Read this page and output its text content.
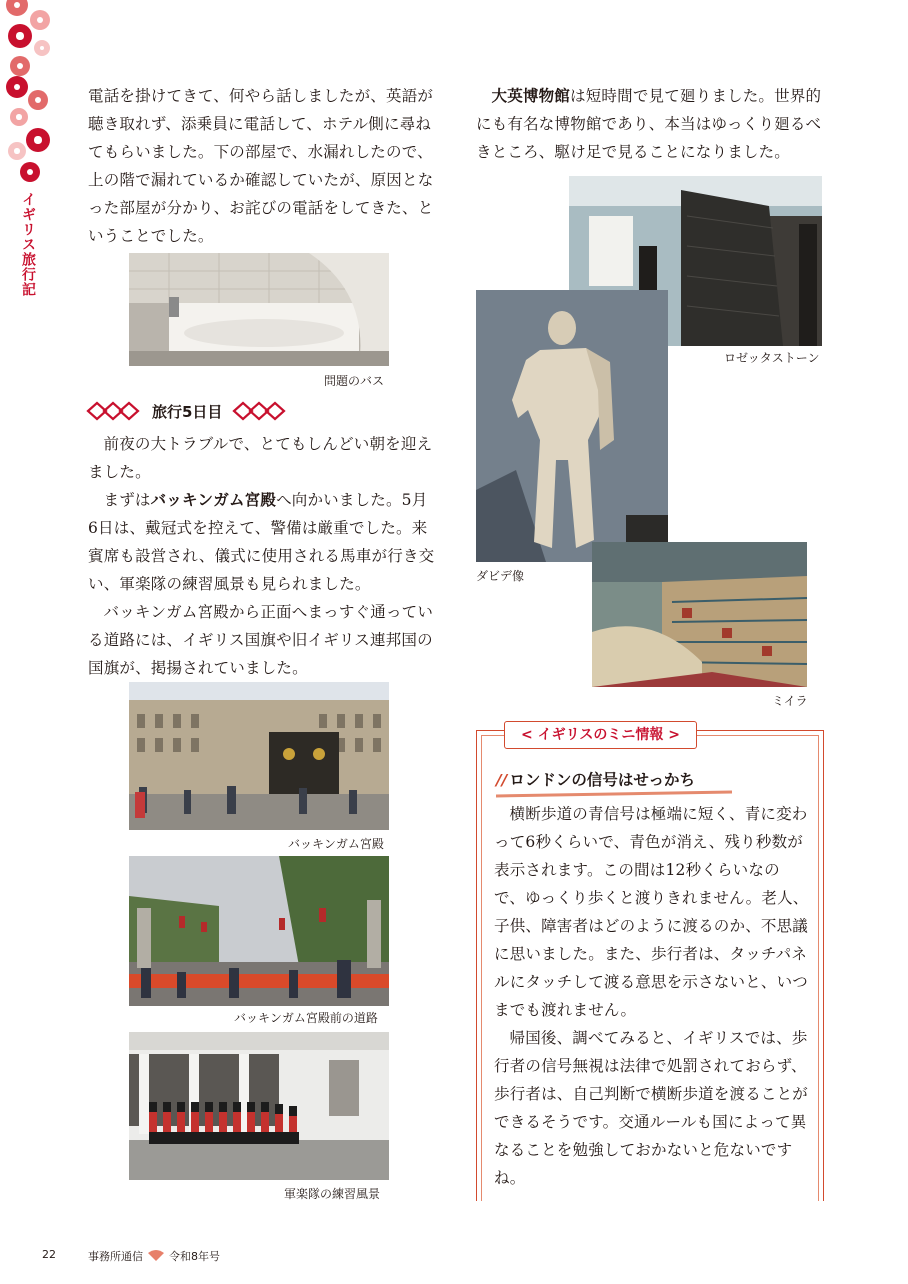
イギリス旅行記

電話を掛けてきて、何やら話しましたが、英語が聴き取れず、添乗員に電話して、ホテル側に尋ねてもらいました。下の部屋で、水漏れしたので、上の階で漏れているか確認していたが、原因となった部屋が分かり、お詫びの電話をしてきた、ということでした。

問題のバス
旅行5日目

前夜の大トラブルで、とてもしんどい朝を迎えました。

まずはバッキンガム宮殿へ向かいました。5月6日は、戴冠式を控えて、警備は厳重でした。来賓席も設営され、儀式に使用される馬車が行き交い、軍楽隊の練習風景も見られました。

バッキンガム宮殿から正面へまっすぐ通っている道路には、イギリス国旗や旧イギリス連邦国の国旗が、掲揚されていました。

バッキンガム宮殿
バッキンガム宮殿前の道路
軍楽隊の練習風景
大英博物館は短時間で見て廻りました。世界的にも有名な博物館であり、本当はゆっくり廻るべきところ、駆け足で見ることになりました。
ロゼッタストーン
ダビデ像
ミイラ
< イギリスのミニ情報 >
// ロンドンの信号はせっかち

横断歩道の青信号は極端に短く、青に変わって6秒くらいで、青色が消え、残り秒数が表示されます。この間は12秒くらいなので、ゆっくり歩くと渡りきれません。老人、子供、障害者はどのように渡るのか、不思議に思いました。また、歩行者は、タッチパネルにタッチして渡る意思を示さないと、いつまでも渡れません。

帰国後、調べてみると、イギリスでは、歩行者の信号無視は法律で処罰されておらず、歩行者は、自己判断で横断歩道を渡ることができるそうです。交通ルールも国によって異なることを勉強しておかないと危ないですね。

22	事務所通信 令和8年号
